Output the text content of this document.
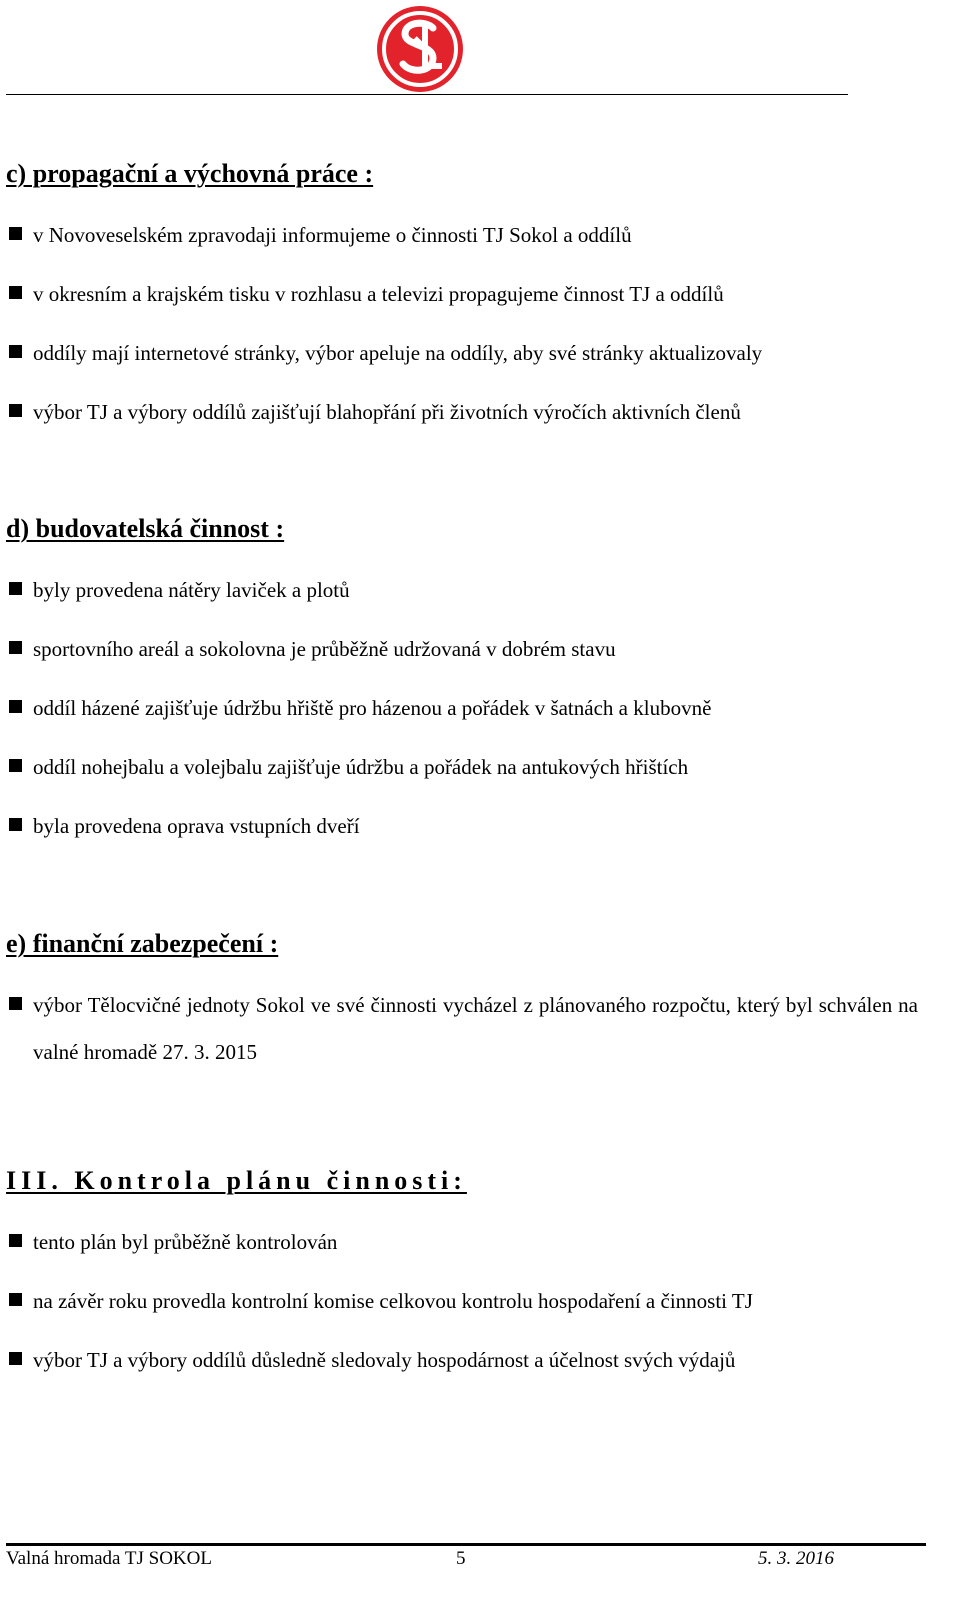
c) propagační a výchovná práce :
v Novoveselském zpravodaji informujeme o činnosti TJ Sokol a oddílů
v okresním a krajském tisku v rozhlasu a televizi propagujeme činnost TJ a oddílů
oddíly mají internetové stránky, výbor apeluje na oddíly, aby své stránky aktualizovaly
výbor TJ a výbory oddílů zajišťují blahopřání při životních výročích aktivních členů
d) budovatelská činnost :
byly provedena nátěry laviček a plotů
sportovního areál a sokolovna je průběžně udržovaná v dobrém stavu
oddíl házené zajišťuje údržbu hřiště pro házenou a pořádek v šatnách a klubovně
oddíl nohejbalu a volejbalu zajišťuje údržbu a pořádek na antukových hřištích
byla provedena oprava vstupních dveří
e) finanční zabezpečení :
výbor Tělocvičné jednoty Sokol ve své činnosti vycházel z plánovaného rozpočtu, který byl schválen na valné hromadě 27. 3. 2015
III. Kontrola plánu činnosti:
tento plán byl průběžně kontrolován
na závěr roku provedla kontrolní komise celkovou kontrolu hospodaření a činnosti TJ
výbor TJ a výbory oddílů důsledně sledovaly hospodárnost a účelnost svých výdajů
Valná hromada TJ SOKOL	5	5. 3. 2016
